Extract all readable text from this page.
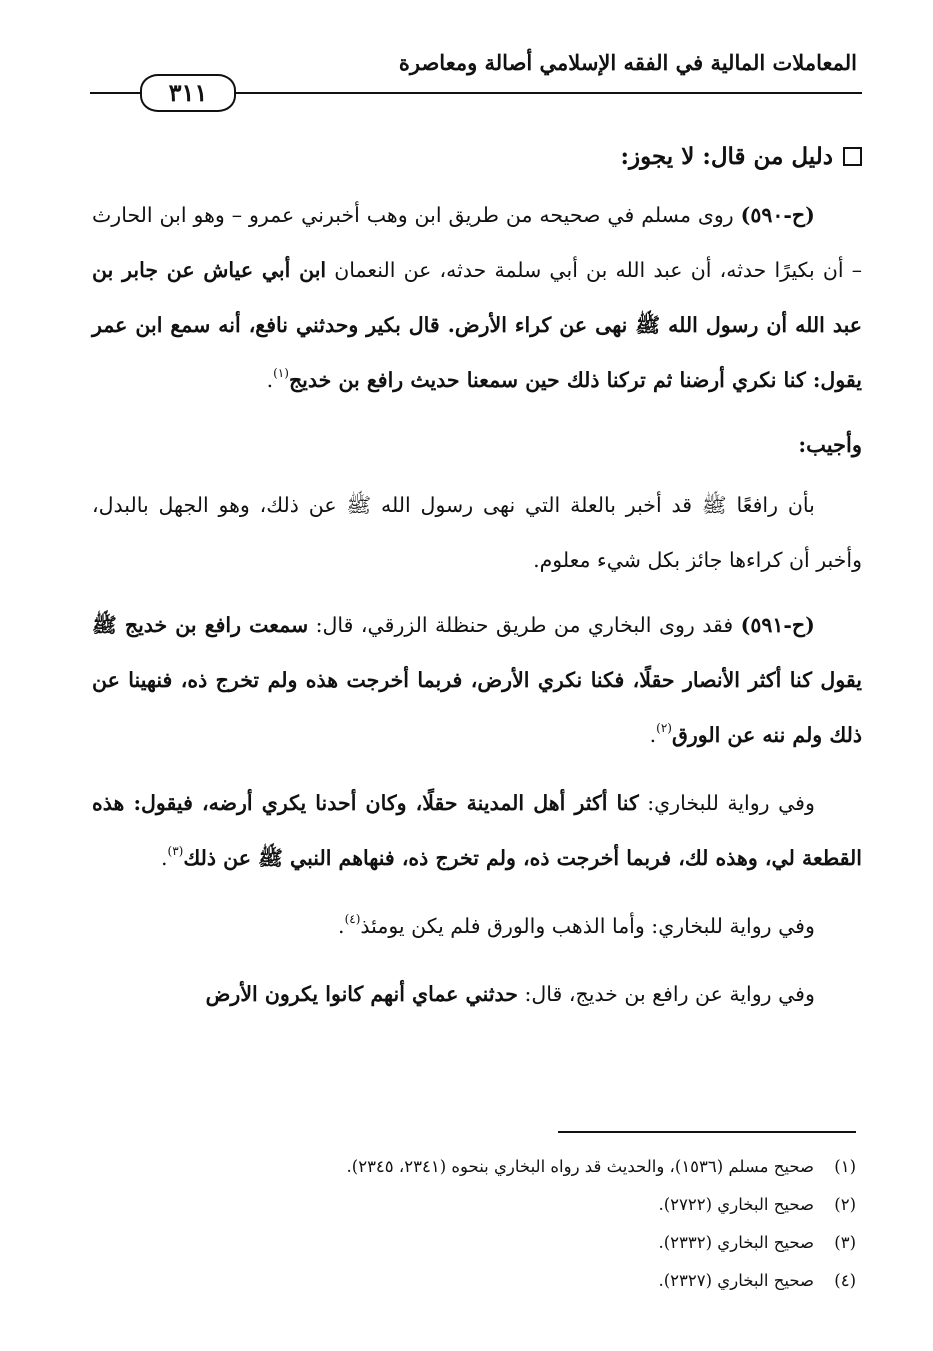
المعاملات المالية في الفقه الإسلامي أصالة ومعاصرة
٣١١
دليل من قال: لا يجوز:

(ح-٥٩٠) روى مسلم في صحيحه من طريق ابن وهب أخبرني عمرو – وهو ابن الحارث – أن بكيرًا حدثه، أن عبد الله بن أبي سلمة حدثه، عن النعمان ابن أبي عياش عن جابر بن عبد الله أن رسول الله ﷺ نهى عن كراء الأرض. قال بكير وحدثني نافع، أنه سمع ابن عمر يقول: كنا نكري أرضنا ثم تركنا ذلك حين سمعنا حديث رافع بن خديج$^{(١)}$.

وأجيب:

بأن رافعًا ﷺ قد أخبر بالعلة التي نهى رسول الله ﷺ عن ذلك، وهو الجهل بالبدل، وأخبر أن كراءها جائز بكل شيء معلوم.

(ح-٥٩١) فقد روى البخاري من طريق حنظلة الزرقي، قال: سمعت رافع بن خديج ﷺ يقول كنا أكثر الأنصار حقلًا، فكنا نكري الأرض، فربما أخرجت هذه ولم تخرج ذه، فنهينا عن ذلك ولم ننه عن الورق$^{(٢)}$.

وفي رواية للبخاري: كنا أكثر أهل المدينة حقلًا، وكان أحدنا يكري أرضه، فيقول: هذه القطعة لي، وهذه لك، فربما أخرجت ذه، ولم تخرج ذه، فنهاهم النبي ﷺ عن ذلك$^{(٣)}$.

وفي رواية للبخاري: وأما الذهب والورق فلم يكن يومئذ$^{(٤)}$.

وفي رواية عن رافع بن خديج، قال: حدثني عماي أنهم كانوا يكرون الأرض

(١)صحيح مسلم (١٥٣٦)، والحديث قد رواه البخاري بنحوه (٢٣٤١، ٢٣٤٥).
(٢)صحيح البخاري (٢٧٢٢).
(٣)صحيح البخاري (٢٣٣٢).
(٤)صحيح البخاري (٢٣٢٧).
